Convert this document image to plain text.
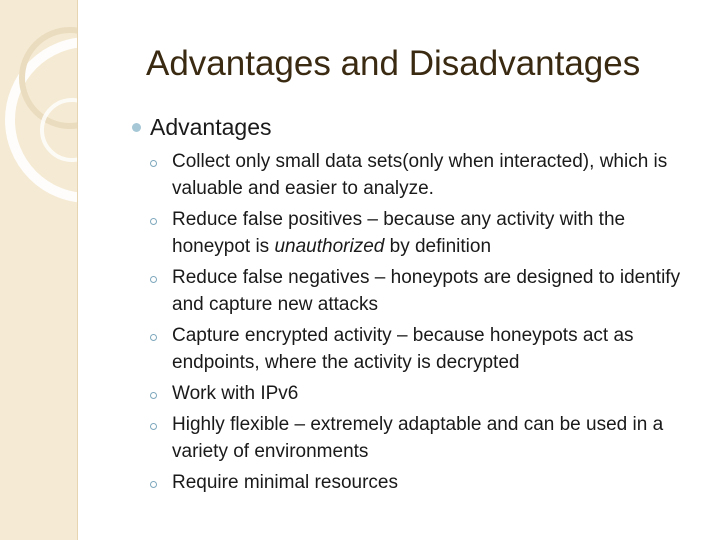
Advantages and Disadvantages
Advantages
Collect only small data sets(only when interacted), which is valuable and easier to analyze.
Reduce false positives – because any activity with the honeypot is unauthorized by definition
Reduce false negatives – honeypots are designed to identify and capture new attacks
Capture encrypted activity – because honeypots act as endpoints, where the activity is decrypted
Work with IPv6
Highly flexible – extremely adaptable and can be used in a variety of environments
Require minimal resources
